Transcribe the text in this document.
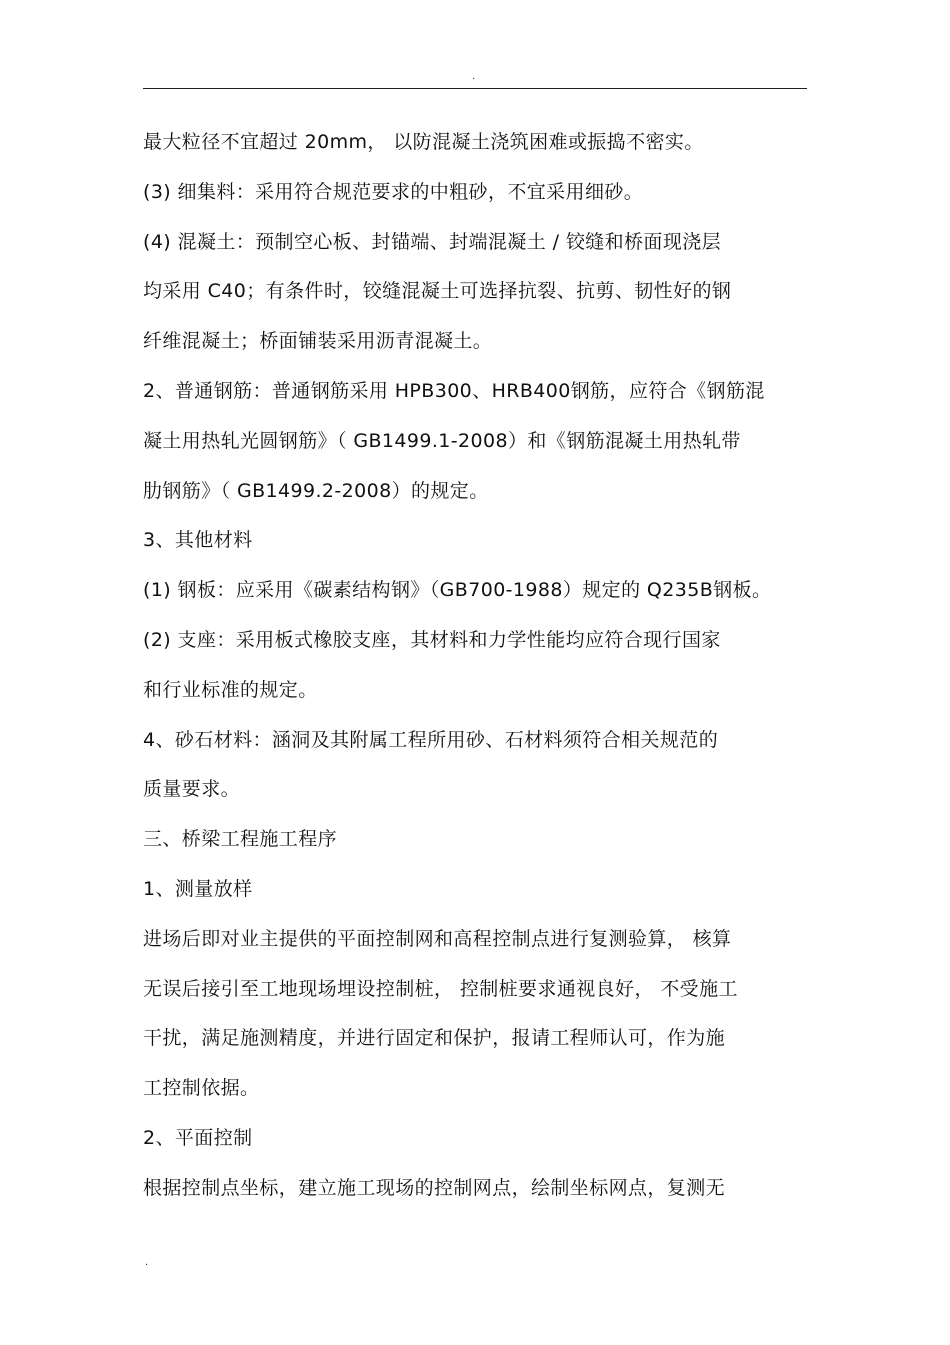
.
最大粒径不宜超过 20mm， 以防混凝土浇筑困难或振捣不密实。
(3) 细集料：采用符合规范要求的中粗砂，不宜采用细砂。
(4) 混凝土：预制空心板、封锚端、封端混凝土 / 铰缝和桥面现浇层
均采用 C40；有条件时，铰缝混凝土可选择抗裂、抗剪、韧性好的钢
纤维混凝土；桥面铺装采用沥青混凝土。
2、普通钢筋：普通钢筋采用 HPB300、HRB400钢筋，应符合《钢筋混
凝土用热轧光圆钢筋》（ GB1499.1-2008）和《钢筋混凝土用热轧带
肋钢筋》（ GB1499.2-2008）的规定。
3、其他材料
(1) 钢板：应采用《碳素结构钢》（GB700-1988）规定的 Q235B钢板。
(2) 支座：采用板式橡胶支座，其材料和力学性能均应符合现行国家
和行业标准的规定。
4、砂石材料：涵洞及其附属工程所用砂、石材料须符合相关规范的
质量要求。
三、桥梁工程施工程序
1、测量放样
进场后即对业主提供的平面控制网和高程控制点进行复测验算， 核算
无误后接引至工地现场埋设控制桩， 控制桩要求通视良好， 不受施工
干扰，满足施测精度，并进行固定和保护，报请工程师认可，作为施
工控制依据。
2、平面控制
根据控制点坐标，建立施工现场的控制网点，绘制坐标网点，复测无
.
